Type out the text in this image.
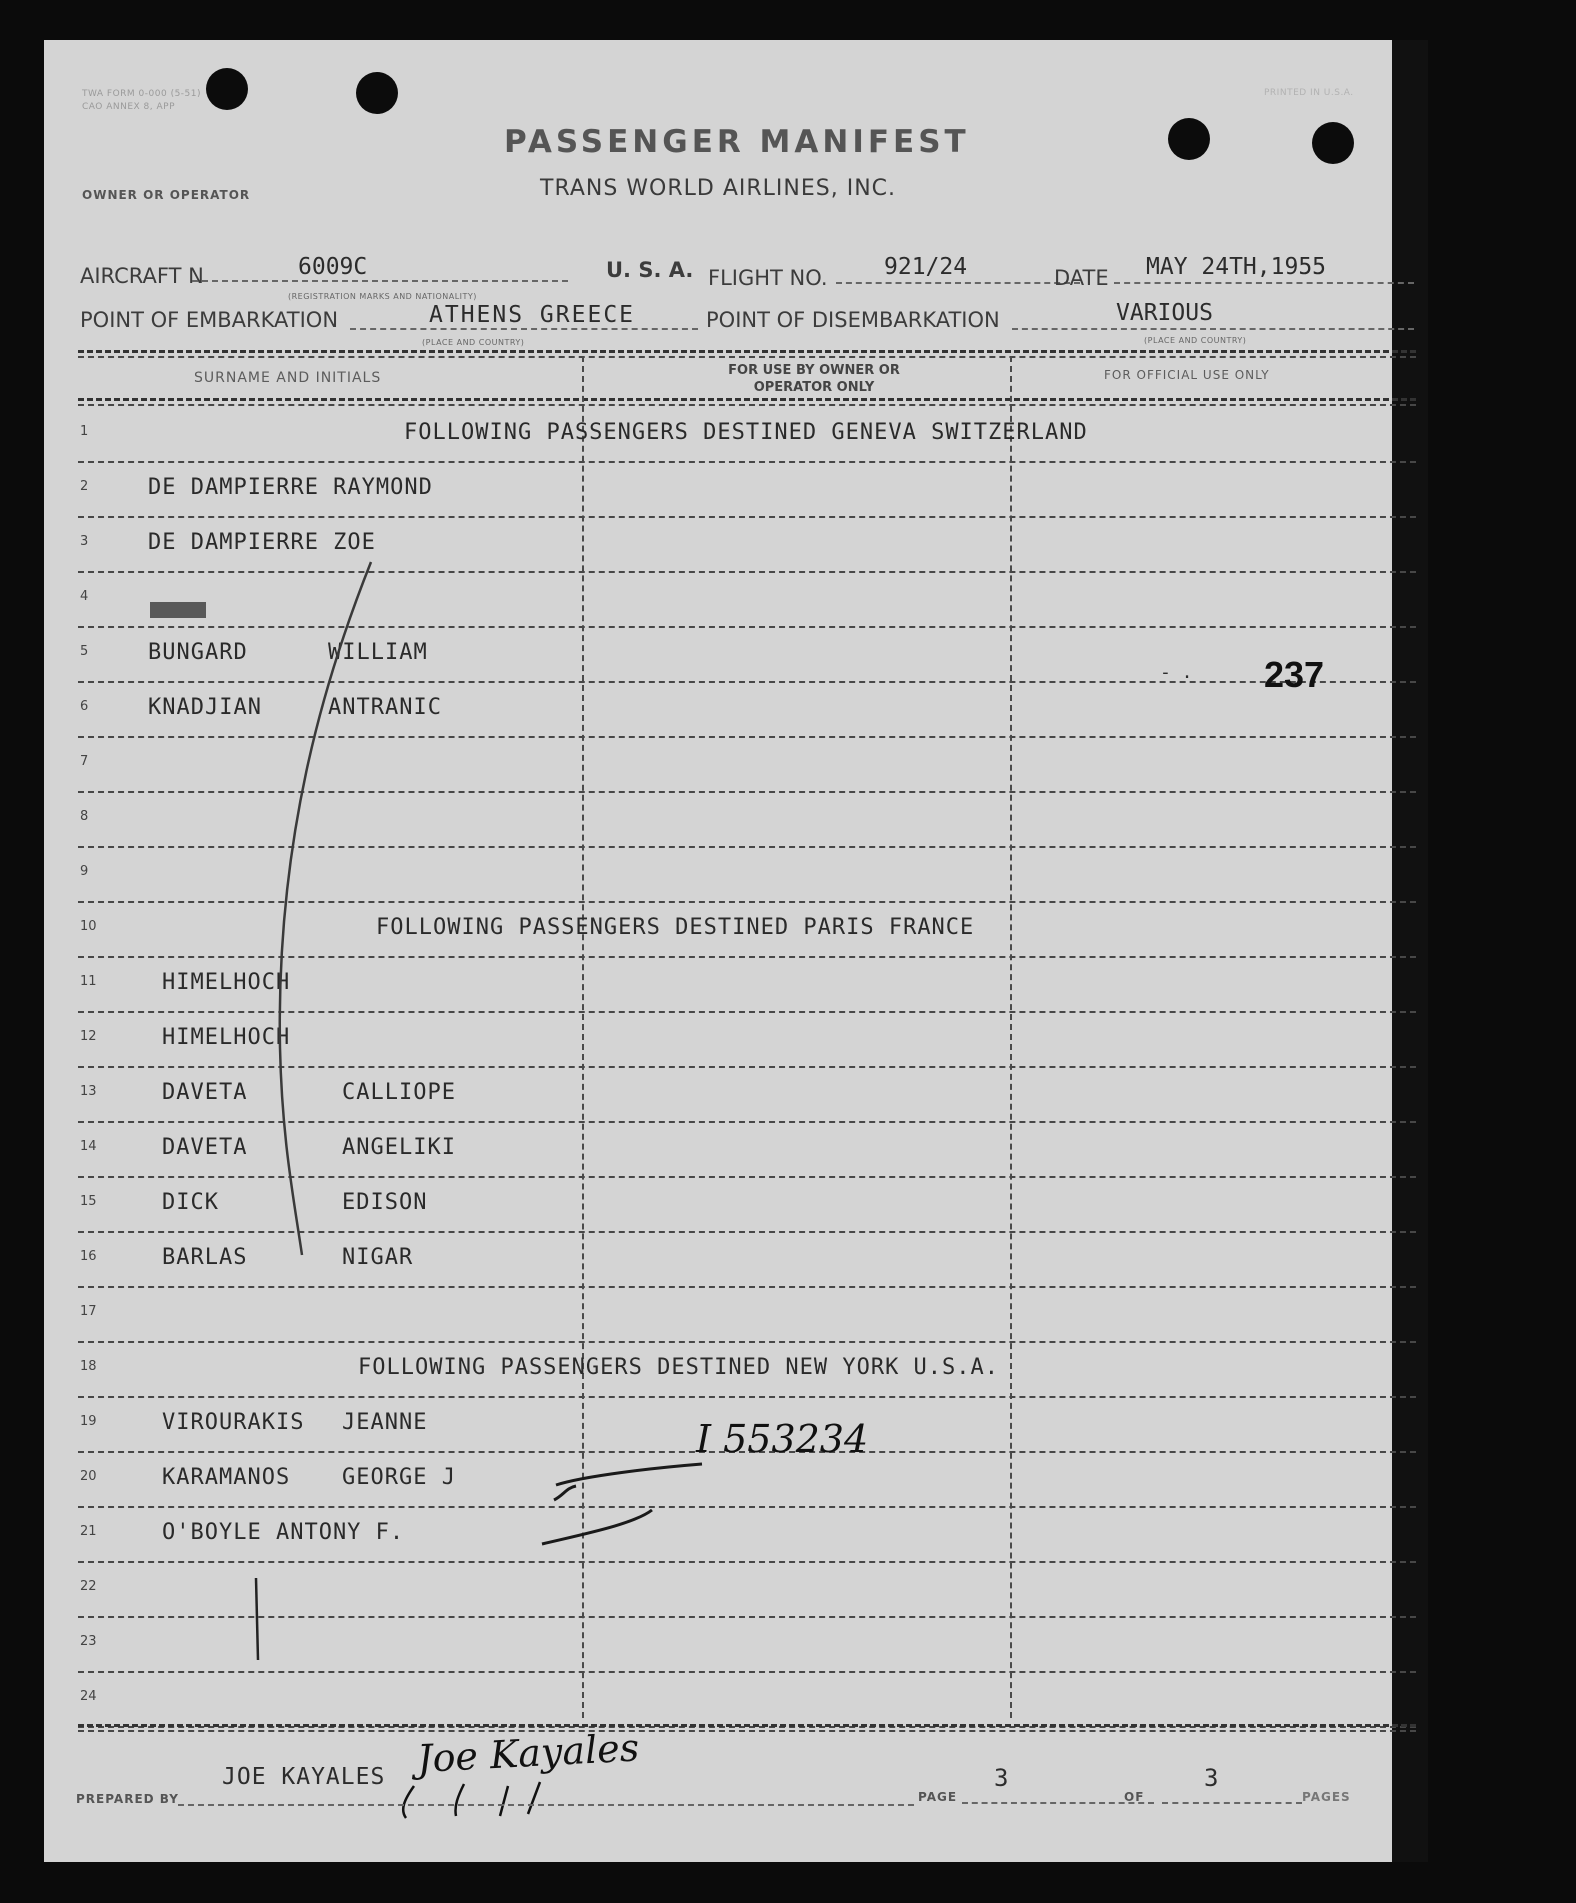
TWA FORM 0-000 (5-51)
CAO ANNEX 8, APP
PRINTED IN U.S.A.
PASSENGER MANIFEST
TRANS WORLD AIRLINES, INC.
OWNER OR OPERATOR
AIRCRAFT N	6009C
(REGISTRATION MARKS AND NATIONALITY)
U. S. A. FLIGHT NO. 921/24	DATE MAY 24TH,1955
POINT OF EMBARKATION	ATHENS GREECE
(PLACE AND COUNTRY)
POINT OF DISEMBARKATION	VARIOUS
(PLACE AND COUNTRY)
SURNAME AND INITIALS	FOR USE BY OWNER OR OPERATOR ONLY
FOR OFFICIAL USE ONLY
1	FOLLOWING PASSENGERS DESTINED GENEVA SWITZERLAND
2	DE DAMPIERRE RAYMOND
3	DE DAMPIERRE ZOE
4
5	BUNGARD	WILLIAM
6	KNADJIAN	ANTRANIC
7
8
9
10	FOLLOWING PASSENGERS DESTINED PARIS FRANCE
11	HIMELHOCH
12	HIMELHOCH
13	DAVETA	CALLIOPE
14	DAVETA	ANGELIKI
15	DICK	EDISON
16	BARLAS	NIGAR
17
18	FOLLOWING PASSENGERS DESTINED NEW YORK U.S.A.
19	VIROURAKIS JEANNE
20	KARAMANOS GEORGE J
21	O'BOYLE ANTONY F.
22
23
24
237
- .
I 553234
Joe Kayales
PREPARED BY
JOE KAYALES
PAGE
3
OF
3
PAGES
